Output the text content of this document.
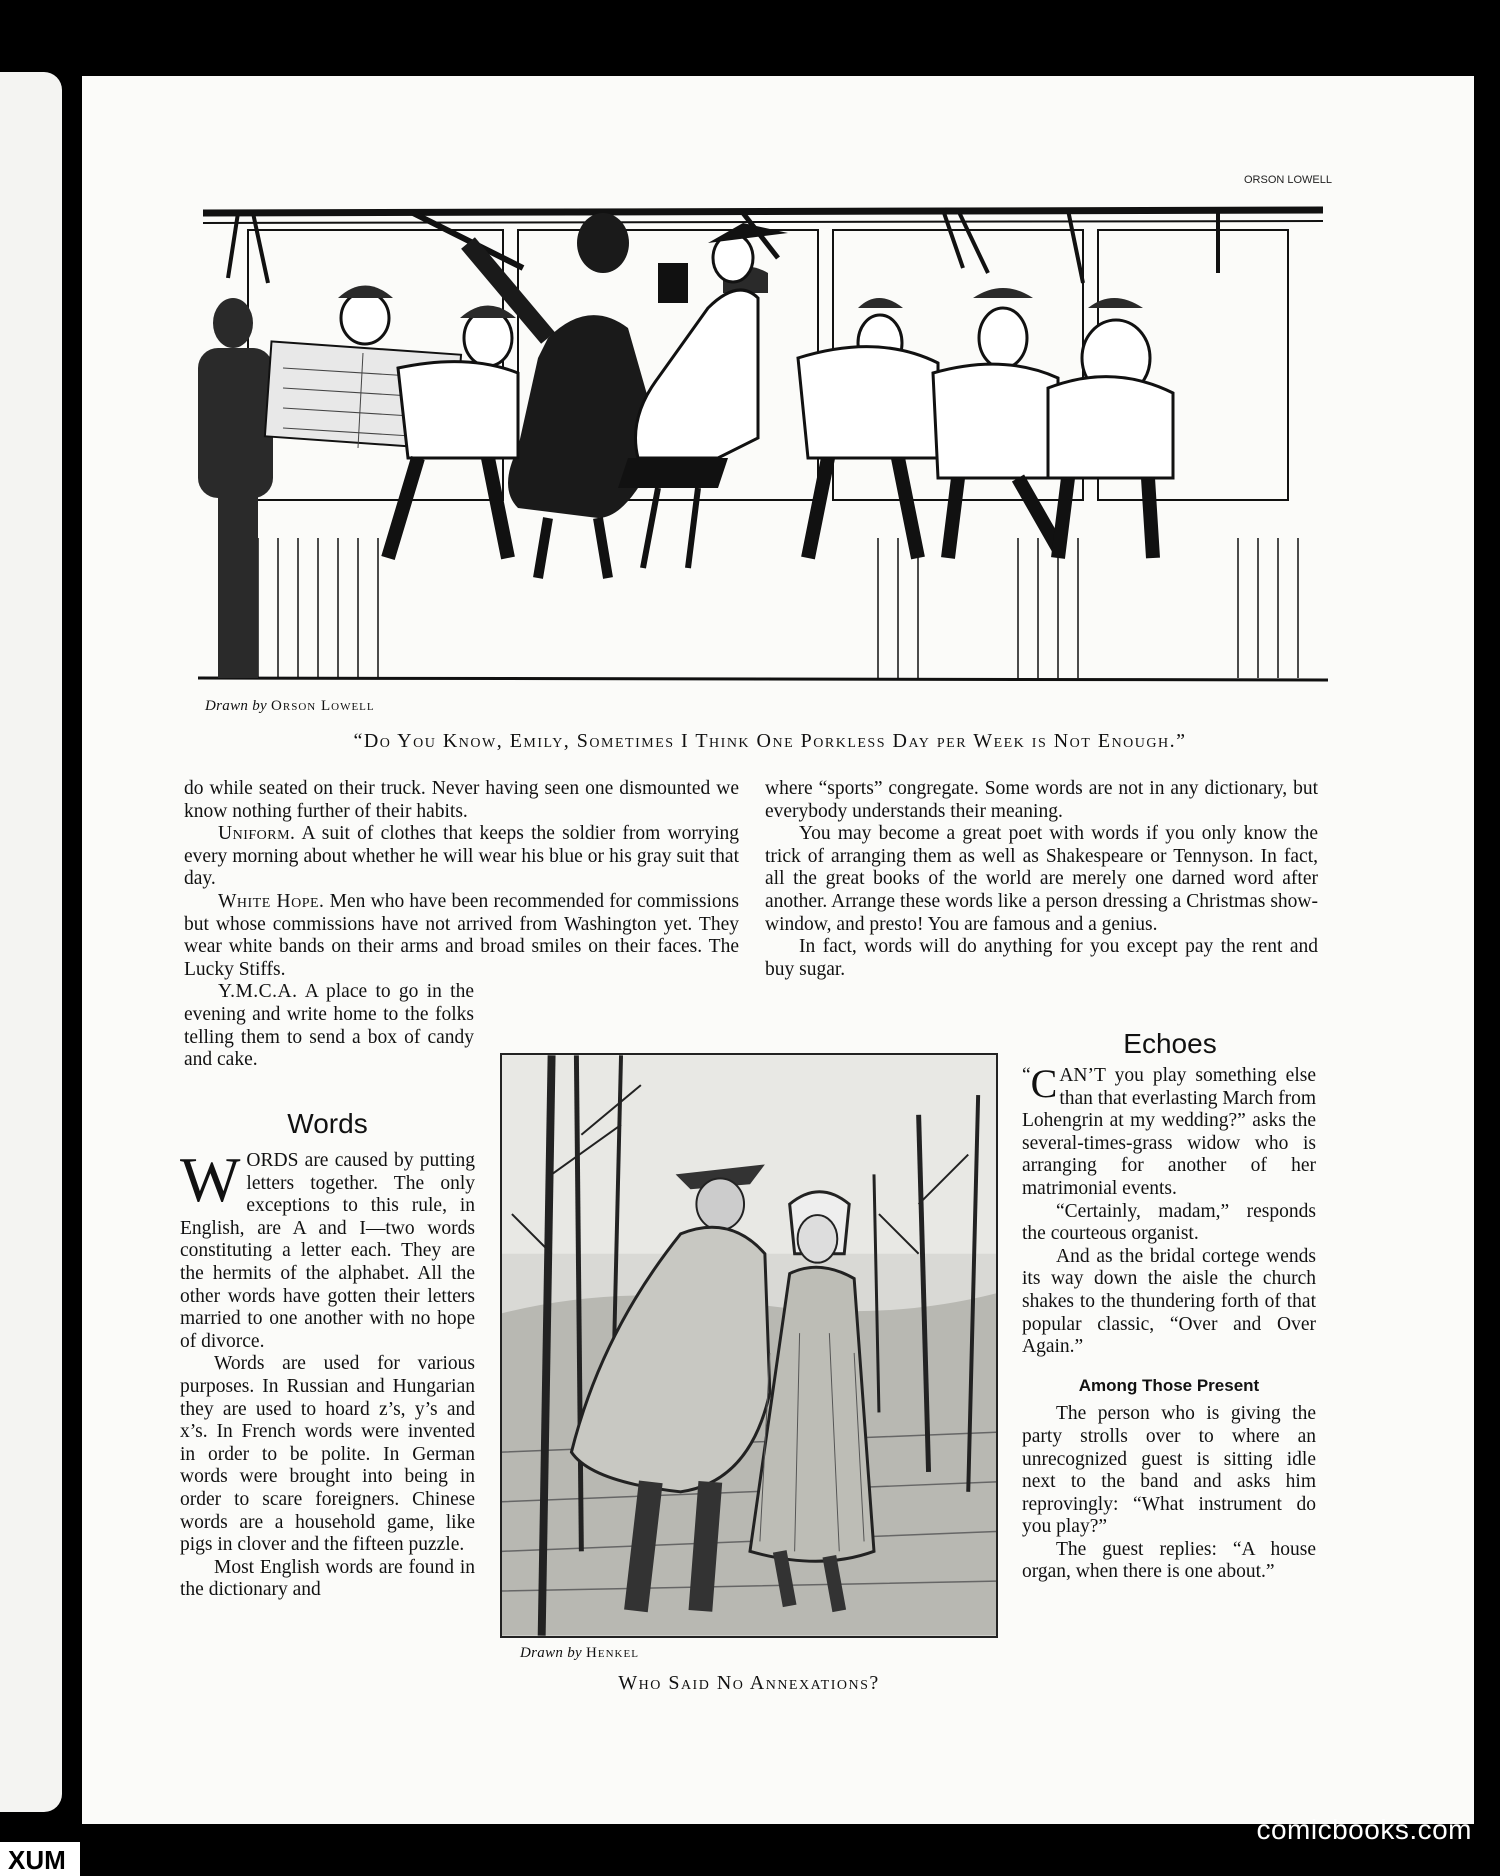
ORSON LOWELL
Drawn by Orson Lowell
“Do You Know, Emily, Sometimes I Think One Porkless Day per Week is Not Enough.”

do while seated on their truck. Never having seen one dismounted we know nothing further of their habits.

Uniform. A suit of clothes that keeps the soldier from worrying every morning about whether he will wear his blue or his gray suit that day.

White Hope. Men who have been recommended for commissions but whose commissions have not arrived from Washington yet. They wear white bands on their arms and broad smiles on their faces. The Lucky Stiffs.

Y.M.C.A. A place to go in the evening and write home to the folks telling them to send a box of candy and cake.

where “sports” congregate. Some words are not in any dictionary, but everybody understands their meaning.

You may become a great poet with words if you only know the trick of arranging them as well as Shakespeare or Tennyson. In fact, all the great books of the world are merely one darned word after another. Arrange these words like a person dressing a Christmas show-window, and presto! You are famous and a genius.

In fact, words will do anything for you except pay the rent and buy sugar.

Words

WORDS are caused by putting letters together. The only exceptions to this rule, in English, are A and I—two words constituting a letter each. They are the hermits of the alphabet. All the other words have gotten their letters married to one another with no hope of divorce.

Words are used for various purposes. In Russian and Hungarian they are used to hoard z’s, y’s and x’s. In French words were invented in order to be polite. In German words were brought into being in order to scare foreigners. Chinese words are a household game, like pigs in clover and the fifteen puzzle.

Most English words are found in the dictionary and

Drawn by Henkel
Who Said No Annexations?
Echoes

“ C AN’T you play something else than that everlasting March from Lohengrin at my wedding?” asks the several-times-grass widow who is arranging for another of her matrimonial events.

“Certainly, madam,” responds the courteous organist.

And as the bridal cortege wends its way down the aisle the church shakes to the thundering forth of that popular classic, “Over and Over Again.”

Among Those Present

The person who is giving the party strolls over to where an unrecognized guest is sitting idle next to the band and asks him reprovingly: “What instrument do you play?”

The guest replies: “A house organ, when there is one about.”

comicbooks.com
XUM
